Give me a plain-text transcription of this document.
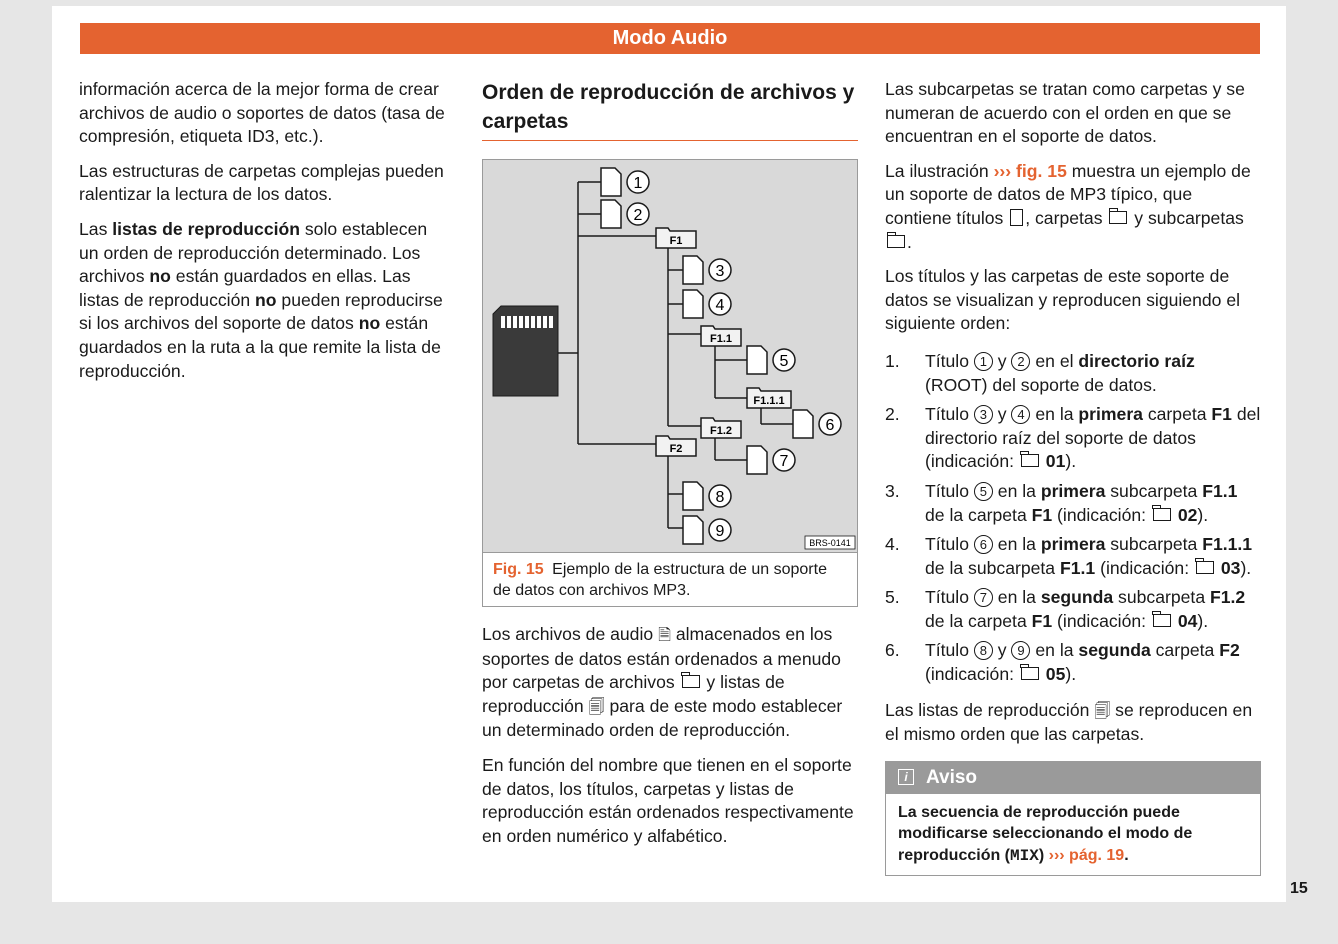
Modo Audio

información acerca de la mejor forma de crear archivos de audio o soportes de datos (tasa de compresión, etiqueta ID3, etc.).

Las estructuras de carpetas complejas pueden ralentizar la lectura de los datos.

Las listas de reproducción solo establecen un orden de reproducción determinado. Los archivos no están guardados en ellas. Las listas de reproducción no pueden reproducirse si los archivos del soporte de datos no están guardados en la ruta a la que remite la lista de reproducción.

Orden de reproducción de archivos y carpetas
1
2
3
4
5
6
7
8
9
F1
F1.1
F1.1.1
F1.2
F2
BRS-0141
Fig. 15 Ejemplo de la estructura de un soporte de datos con archivos MP3.

Los archivos de audio 🗎 almacenados en los soportes de datos están ordenados a menudo por carpetas de archivos  y listas de reproducción 🗐 para de este modo establecer un determinado orden de reproducción.

En función del nombre que tienen en el soporte de datos, los títulos, carpetas y listas de reproducción están ordenados respectivamente en orden numérico y alfabético.

Las subcarpetas se tratan como carpetas y se numeran de acuerdo con el orden en que se encuentran en el soporte de datos.

La ilustración ››› fig. 15 muestra un ejemplo de un soporte de datos de MP3 típico, que contiene títulos , carpetas  y subcarpetas .

Los títulos y las carpetas de este soporte de datos se visualizan y reproducen siguiendo el siguiente orden:

1. Título 1 y 2 en el directorio raíz (ROOT) del soporte de datos.
2. Título 3 y 4 en la primera carpeta F1 del directorio raíz del soporte de datos (indicación:  01).
3. Título 5 en la primera subcarpeta F1.1 de la carpeta F1 (indicación:  02).
4. Título 6 en la primera subcarpeta F1.1.1 de la subcarpeta F1.1 (indicación:  03).
5. Título 7 en la segunda subcarpeta F1.2 de la carpeta F1 (indicación:  04).
6. Título 8 y 9 en la segunda carpeta F2 (indicación:  05).

Las listas de reproducción 🗐 se reproducen en el mismo orden que las carpetas.

i Aviso
La secuencia de reproducción puede modificarse seleccionando el modo de reproducción (MIX) ››› pág. 19.
15
